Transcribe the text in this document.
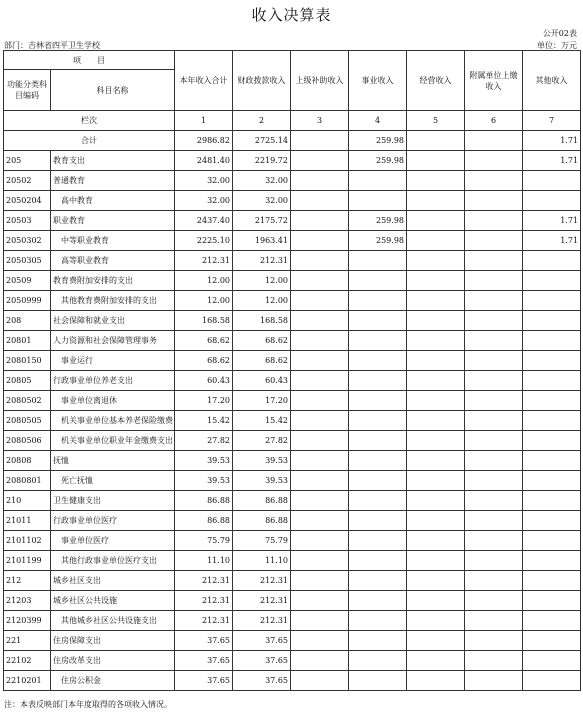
收入决算表
公开02表
部门：吉林省四平卫生学校	单位：万元
项　　目		本年收入合计	财政拨款收入	上级补助收入	事业收入	经营收入	附属单位上缴收入	其他收入
功能分类科目编码	科目名称							
栏次		1	2	3	4	5	6	7
合计		2986.82	2725.14		259.98			1.71
205	教育支出	2481.40	2219.72		259.98			1.71
20502	普通教育	32.00	32.00					
2050204	高中教育	32.00	32.00					
20503	职业教育	2437.40	2175.72		259.98			1.71
2050302	中等职业教育	2225.10	1963.41		259.98			1.71
2050305	高等职业教育	212.31	212.31					
20509	教育费附加安排的支出	12.00	12.00					
2050999	其他教育费附加安排的支出	12.00	12.00					
208	社会保障和就业支出	168.58	168.58					
20801	人力资源和社会保障管理事务	68.62	68.62					
2080150	事业运行	68.62	68.62					
20805	行政事业单位养老支出	60.43	60.43					
2080502	事业单位离退休	17.20	17.20					
2080505	机关事业单位基本养老保险缴费	15.42	15.42					
2080506	机关事业单位职业年金缴费支出	27.82	27.82					
20808	抚恤	39.53	39.53					
2080801	死亡抚恤	39.53	39.53					
210	卫生健康支出	86.88	86.88					
21011	行政事业单位医疗	86.88	86.88					
2101102	事业单位医疗	75.79	75.79					
2101199	其他行政事业单位医疗支出	11.10	11.10					
212	城乡社区支出	212.31	212.31					
21203	城乡社区公共设施	212.31	212.31					
2120399	其他城乡社区公共设施支出	212.31	212.31					
221	住房保障支出	37.65	37.65					
22102	住房改革支出	37.65	37.65					
2210201	住房公积金	37.65	37.65					
注：本表反映部门本年度取得的各项收入情况。
